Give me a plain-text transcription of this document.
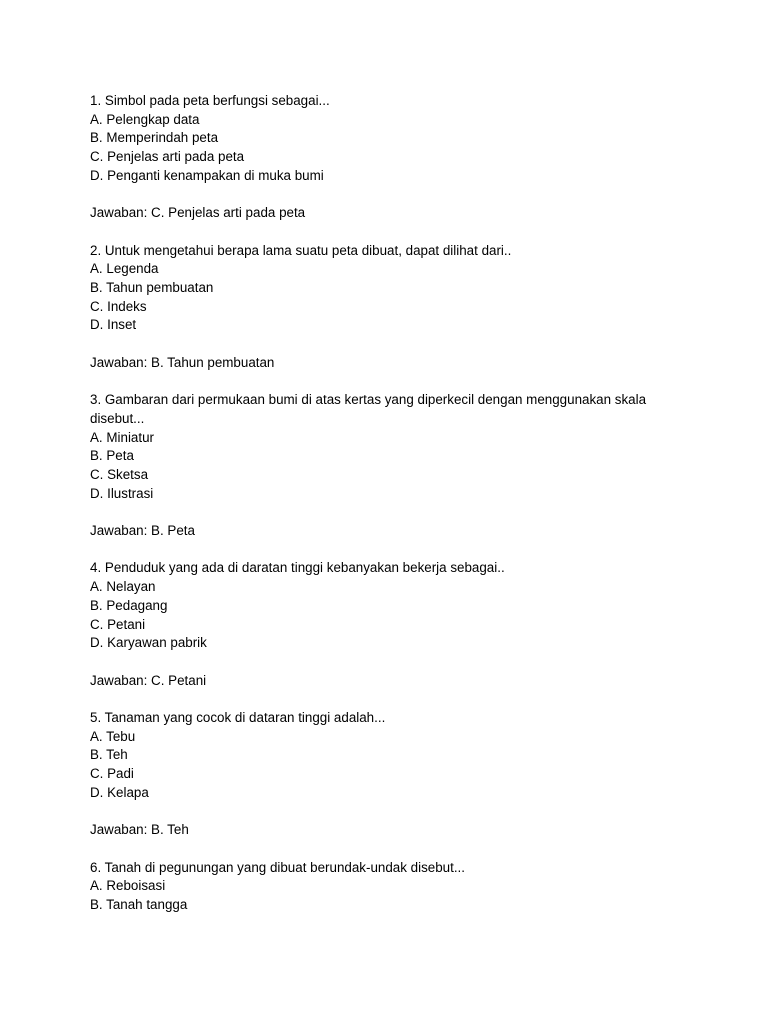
1. Simbol pada peta berfungsi sebagai...

A. Pelengkap data

B. Memperindah peta

C. Penjelas arti pada peta

D. Penganti kenampakan di muka bumi

Jawaban: C. Penjelas arti pada peta

2. Untuk mengetahui berapa lama suatu peta dibuat, dapat dilihat dari..

A. Legenda

B. Tahun pembuatan

C. Indeks

D. Inset

Jawaban: B. Tahun pembuatan

3. Gambaran dari permukaan bumi di atas kertas yang diperkecil dengan menggunakan skala disebut...

A. Miniatur

B. Peta

C. Sketsa

D. Ilustrasi

Jawaban: B. Peta

4. Penduduk yang ada di daratan tinggi kebanyakan bekerja sebagai..

A. Nelayan

B. Pedagang

C. Petani

D. Karyawan pabrik

Jawaban: C. Petani

5. Tanaman yang cocok di dataran tinggi adalah...

A. Tebu

B. Teh

C. Padi

D. Kelapa

Jawaban: B. Teh

6. Tanah di pegunungan yang dibuat berundak-undak disebut...

A. Reboisasi

B. Tanah tangga
